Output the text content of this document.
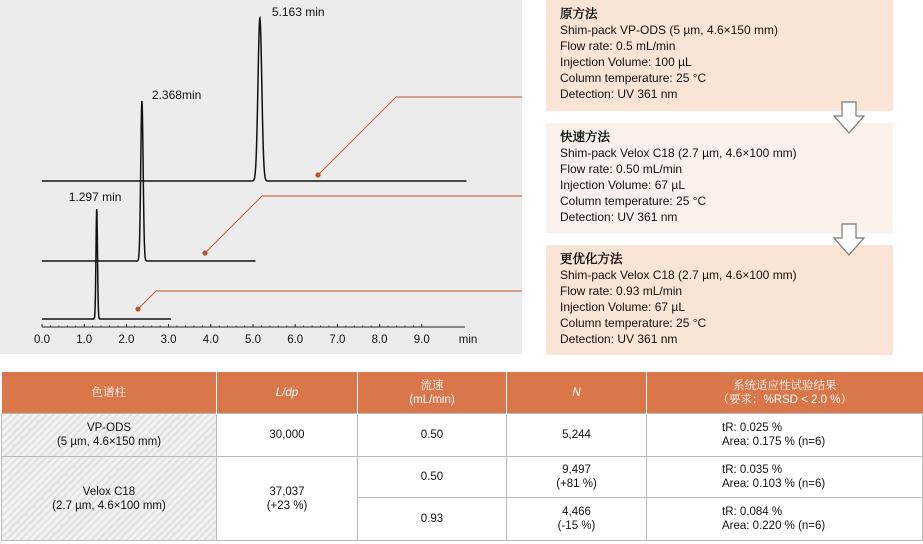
0.0 1.0 2.0 3.0 4.0 5.0 6.0 7.0 8.0 9.0	min
5.163 min
2.368min
1.297 min
原方法
Shim-pack VP-ODS (5 µm, 4.6×150 mm)
Flow rate: 0.5 mL/min
Injection Volume: 100 µL
Column temperature: 25 °C
Detection: UV 361 nm
快速方法
Shim-pack Velox C18 (2.7 µm, 4.6×100 mm)
Flow rate: 0.50 mL/min
Injection Volume: 67 µL
Column temperature: 25 °C
Detection: UV 361 nm
更优化方法
Shim-pack Velox C18 (2.7 µm, 4.6×100 mm)
Flow rate: 0.93 mL/min
Injection Volume: 67 µL
Column temperature: 25 °C
Detection: UV 361 nm
色谱柱	L/dp	流速
(mL/min)	N	系统适应性试验结果
（要求：%RSD < 2.0 %）
VP-ODS
(5 µm, 4.6×150 mm)	30,000	0.50	5,244	tR: 0.025 %
Area: 0.175 % (n=6)
Velox C18
(2.7 µm, 4.6×100 mm)	37,037
(+23 %)	0.50	9,497
(+81 %)	tR: 0.035 %
Area: 0.103 % (n=6)
		0.93	4,466
(-15 %)	tR: 0.084 %
Area: 0.220 % (n=6)
